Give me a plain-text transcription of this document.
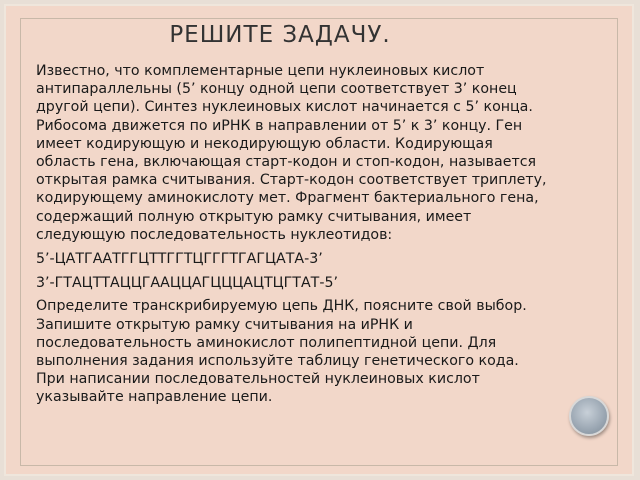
РЕШИТЕ ЗАДАЧУ.

Известно, что комплементарные цепи нуклеиновых кислот антипараллельны (5’ концу одной цепи соответствует 3’ конец другой цепи). Синтез нуклеиновых кислот начинается с 5’ конца. Рибосома движется по иРНК в направлении от 5’ к 3’ концу. Ген имеет кодирующую и некодирующую области. Кодирующая область гена, включающая старт-кодон и стоп-кодон, называется открытая рамка считывания. Старт-кодон соответствует триплету, кодирующему аминокислоту мет. Фрагмент бактериального гена, содержащий полную открытую рамку считывания, имеет следующую последовательность нуклеотидов:

5’-ЦАТГААТГГЦТТГГТЦГГГТГАГЦАТА-3’

3’-ГТАЦТТАЦЦГААЦЦАГЦЦЦАЦТЦГТАТ-5’

Определите транскрибируемую цепь ДНК, поясните свой выбор. Запишите открытую рамку считывания на иРНК и последовательность аминокислот полипептидной цепи. Для выполнения задания используйте таблицу генетического кода. При написании последовательностей нуклеиновых кислот указывайте направление цепи.
